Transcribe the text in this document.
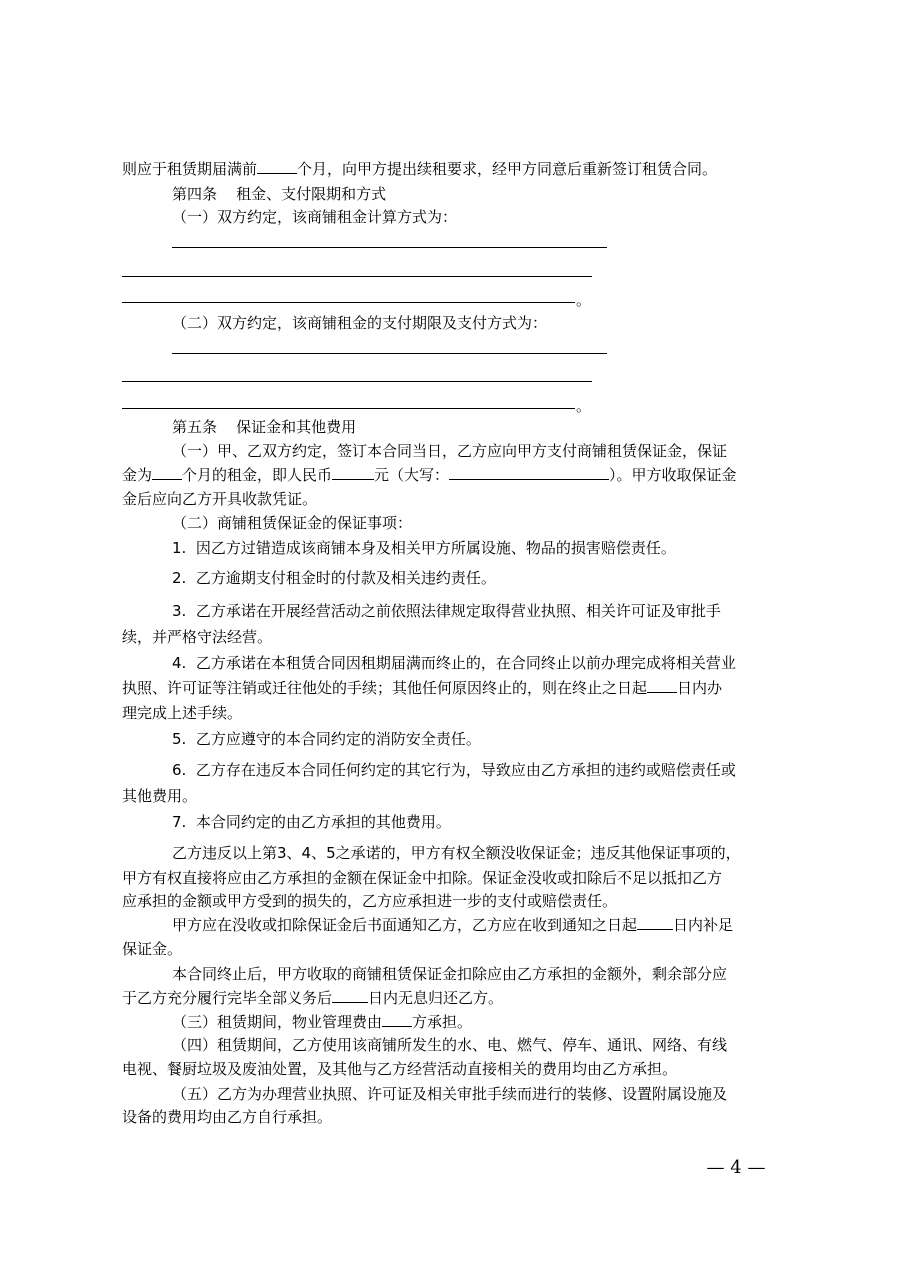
则应于租赁期届满前	个月，向甲方提出续租要求，经甲方同意后重新签订租赁合同。
第四条    租金、支付限期和方式
（一）双方约定，该商铺租金计算方式为：
。
（二）双方约定，该商铺租金的支付期限及支付方式为：
。
第五条    保证金和其他费用
（一）甲、乙双方约定，签订本合同当日，乙方应向甲方支付商铺租赁保证金，保证
金为 个月的租金，即人民币	元（大写：	）。甲方收取保证金
金后应向乙方开具收款凭证。
（二）商铺租赁保证金的保证事项：
1.  因乙方过错造成该商铺本身及相关甲方所属设施、物品的损害赔偿责任。
2.  乙方逾期支付租金时的付款及相关违约责任。
3.  乙方承诺在开展经营活动之前依照法律规定取得营业执照、相关许可证及审批手
续，并严格守法经营。
4.  乙方承诺在本租赁合同因租期届满而终止的，在合同终止以前办理完成将相关营业
执照、许可证等注销或迁往他处的手续；其他任何原因终止的，则在终止之日起 日内办
理完成上述手续。
5.  乙方应遵守的本合同约定的消防安全责任。
6.  乙方存在违反本合同任何约定的其它行为，导致应由乙方承担的违约或赔偿责任或
其他费用。
7.  本合同约定的由乙方承担的其他费用。
乙方违反以上第3、4、5之承诺的，甲方有权全额没收保证金；违反其他保证事项的，
甲方有权直接将应由乙方承担的金额在保证金中扣除。保证金没收或扣除后不足以抵扣乙方
应承担的金额或甲方受到的损失的，乙方应承担进一步的支付或赔偿责任。
甲方应在没收或扣除保证金后书面通知乙方，乙方应在收到通知之日起 日内补足
保证金。
本合同终止后，甲方收取的商铺租赁保证金扣除应由乙方承担的金额外，剩余部分应
于乙方充分履行完毕全部义务后 日内无息归还乙方。
（三）租赁期间，物业管理费由 方承担。
（四）租赁期间，乙方使用该商铺所发生的水、电、燃气、停车、通讯、网络、有线
电视、餐厨垃圾及废油处置，及其他与乙方经营活动直接相关的费用均由乙方承担。
（五）乙方为办理营业执照、许可证及相关审批手续而进行的装修、设置附属设施及
设备的费用均由乙方自行承担。
— 4 —
